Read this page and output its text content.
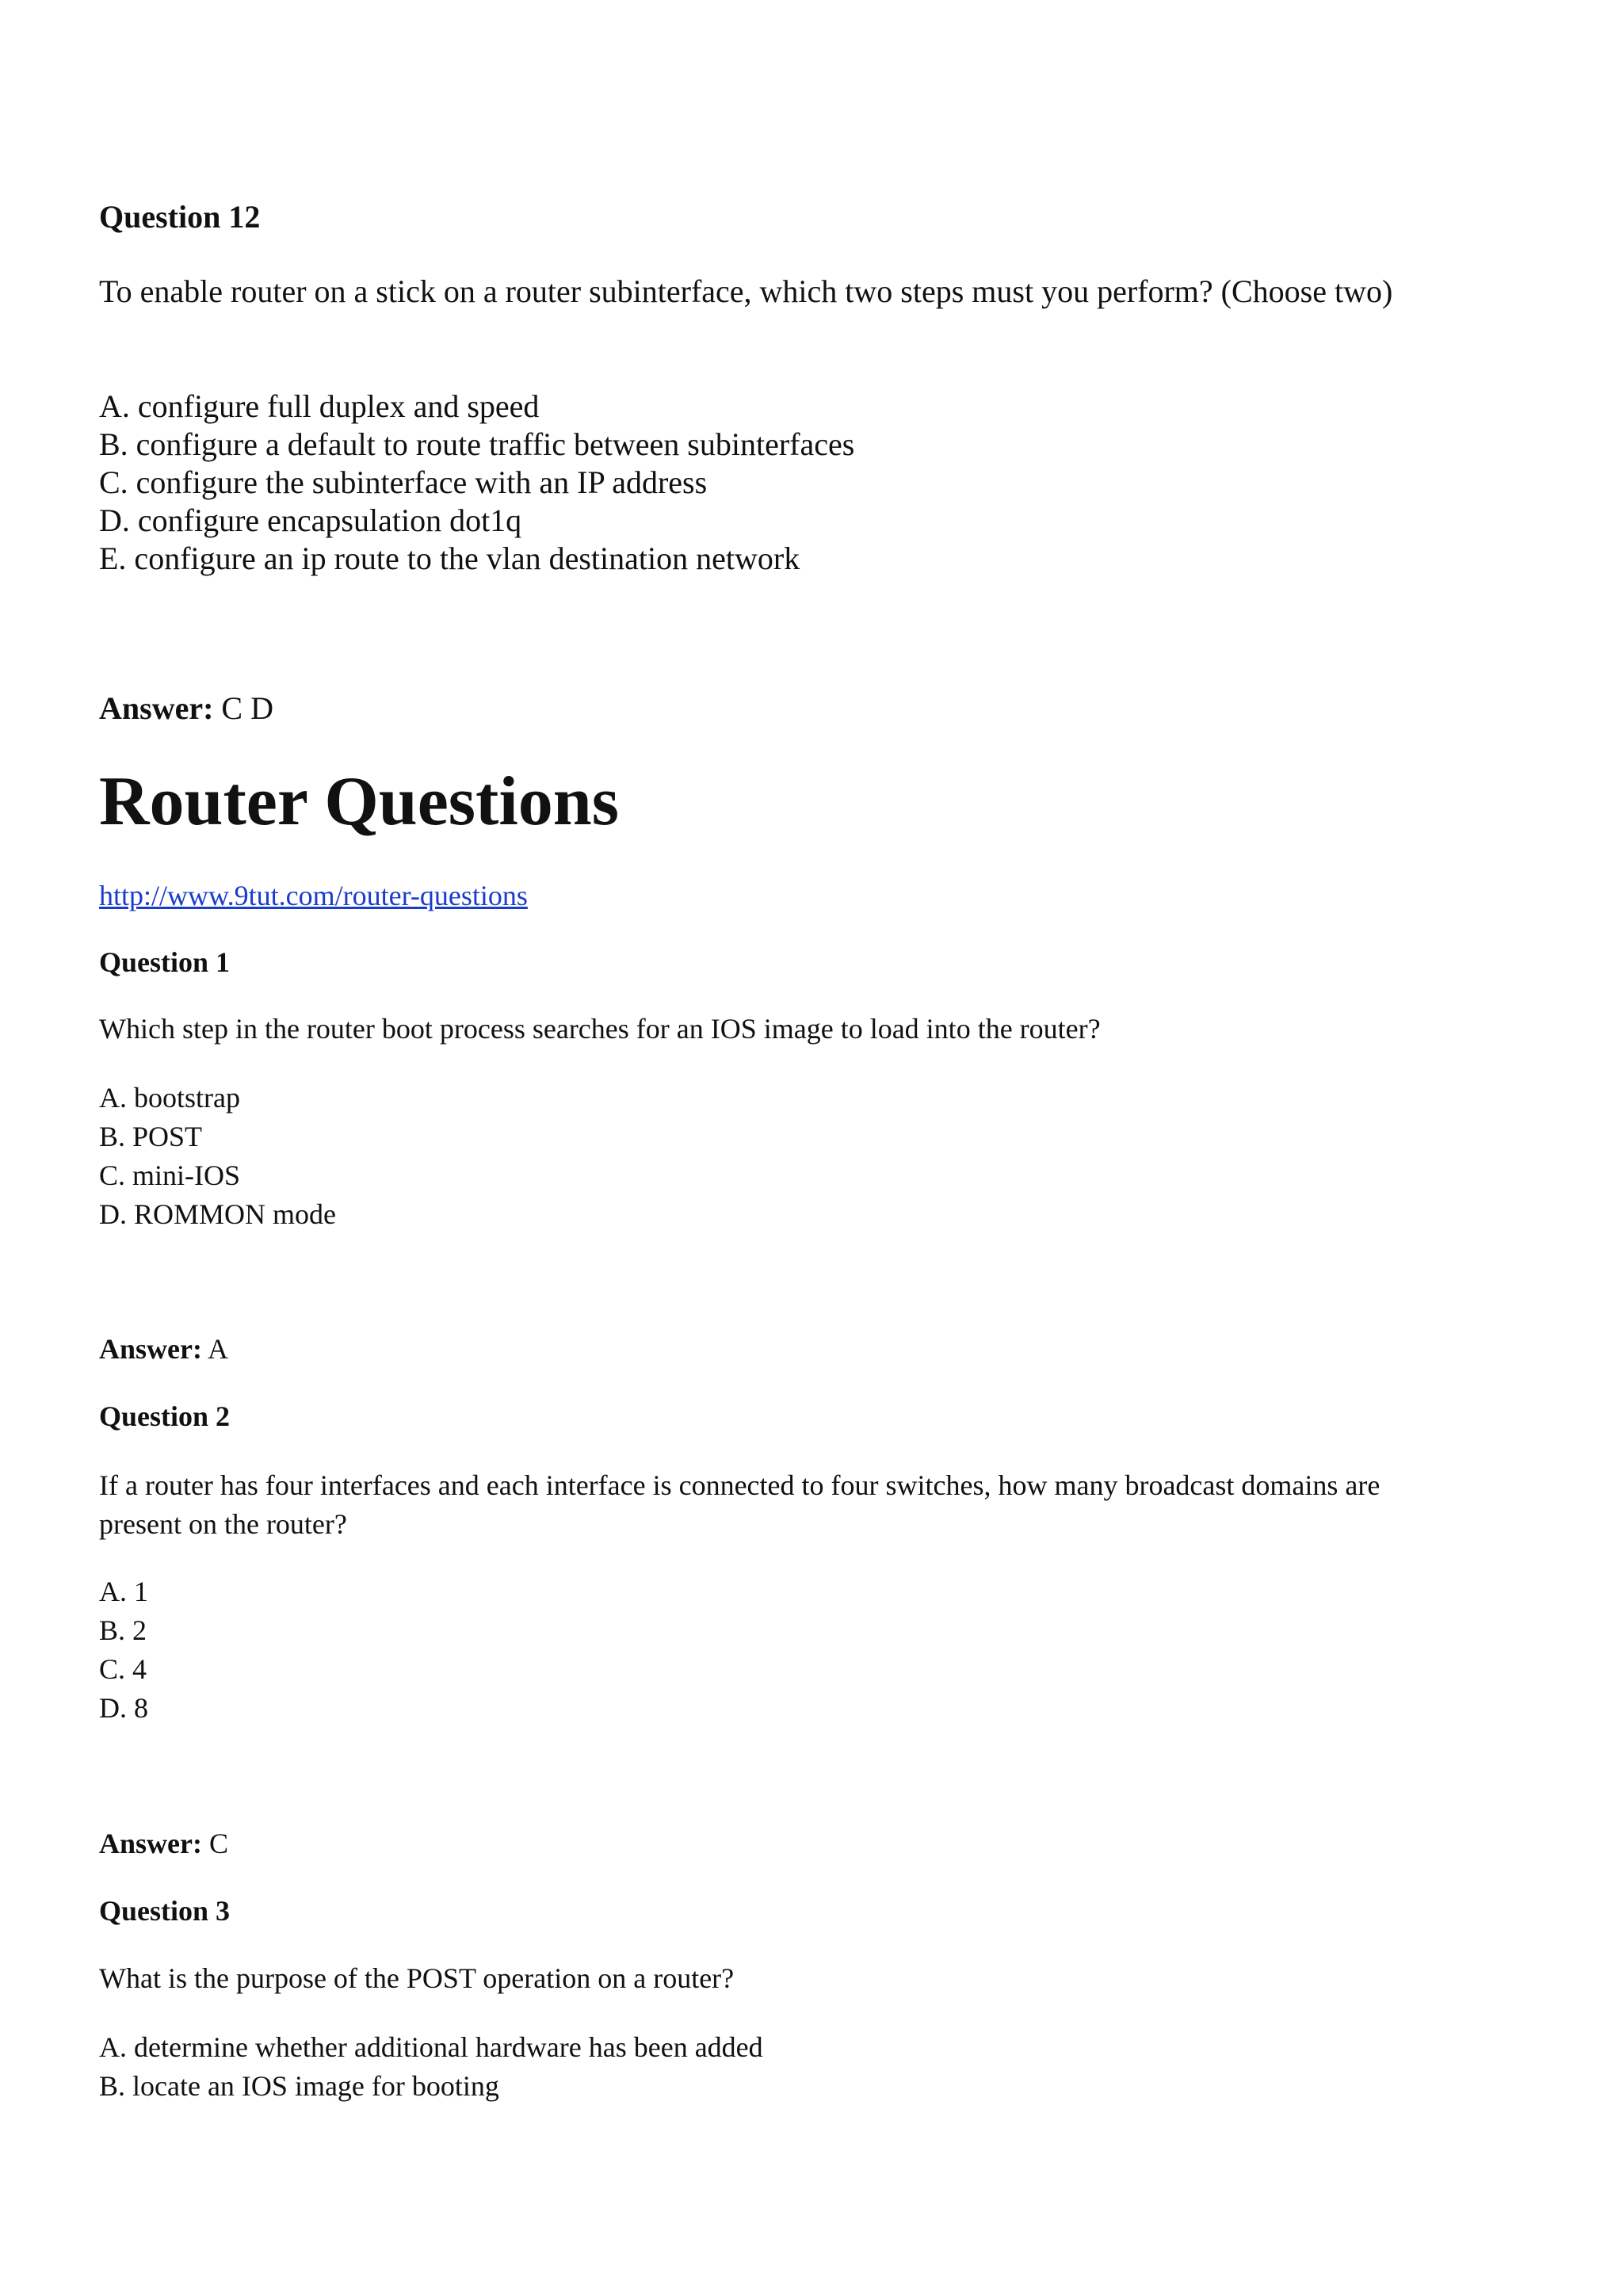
Question 12
To enable router on a stick on a router subinterface, which two steps must you perform? (Choose two)
A. configure full duplex and speed
B. configure a default to route traffic between subinterfaces
C. configure the subinterface with an IP address
D. configure encapsulation dot1q
E. configure an ip route to the vlan destination network
Answer: C D
Router Questions
http://www.9tut.com/router-questions
Question 1
Which step in the router boot process searches for an IOS image to load into the router?
A. bootstrap
B. POST
C. mini-IOS
D. ROMMON mode
Answer: A
Question 2
If a router has four interfaces and each interface is connected to four switches, how many broadcast domains are present on the router?
A. 1
B. 2
C. 4
D. 8
Answer: C
Question 3
What is the purpose of the POST operation on a router?
A. determine whether additional hardware has been added
B. locate an IOS image for booting
